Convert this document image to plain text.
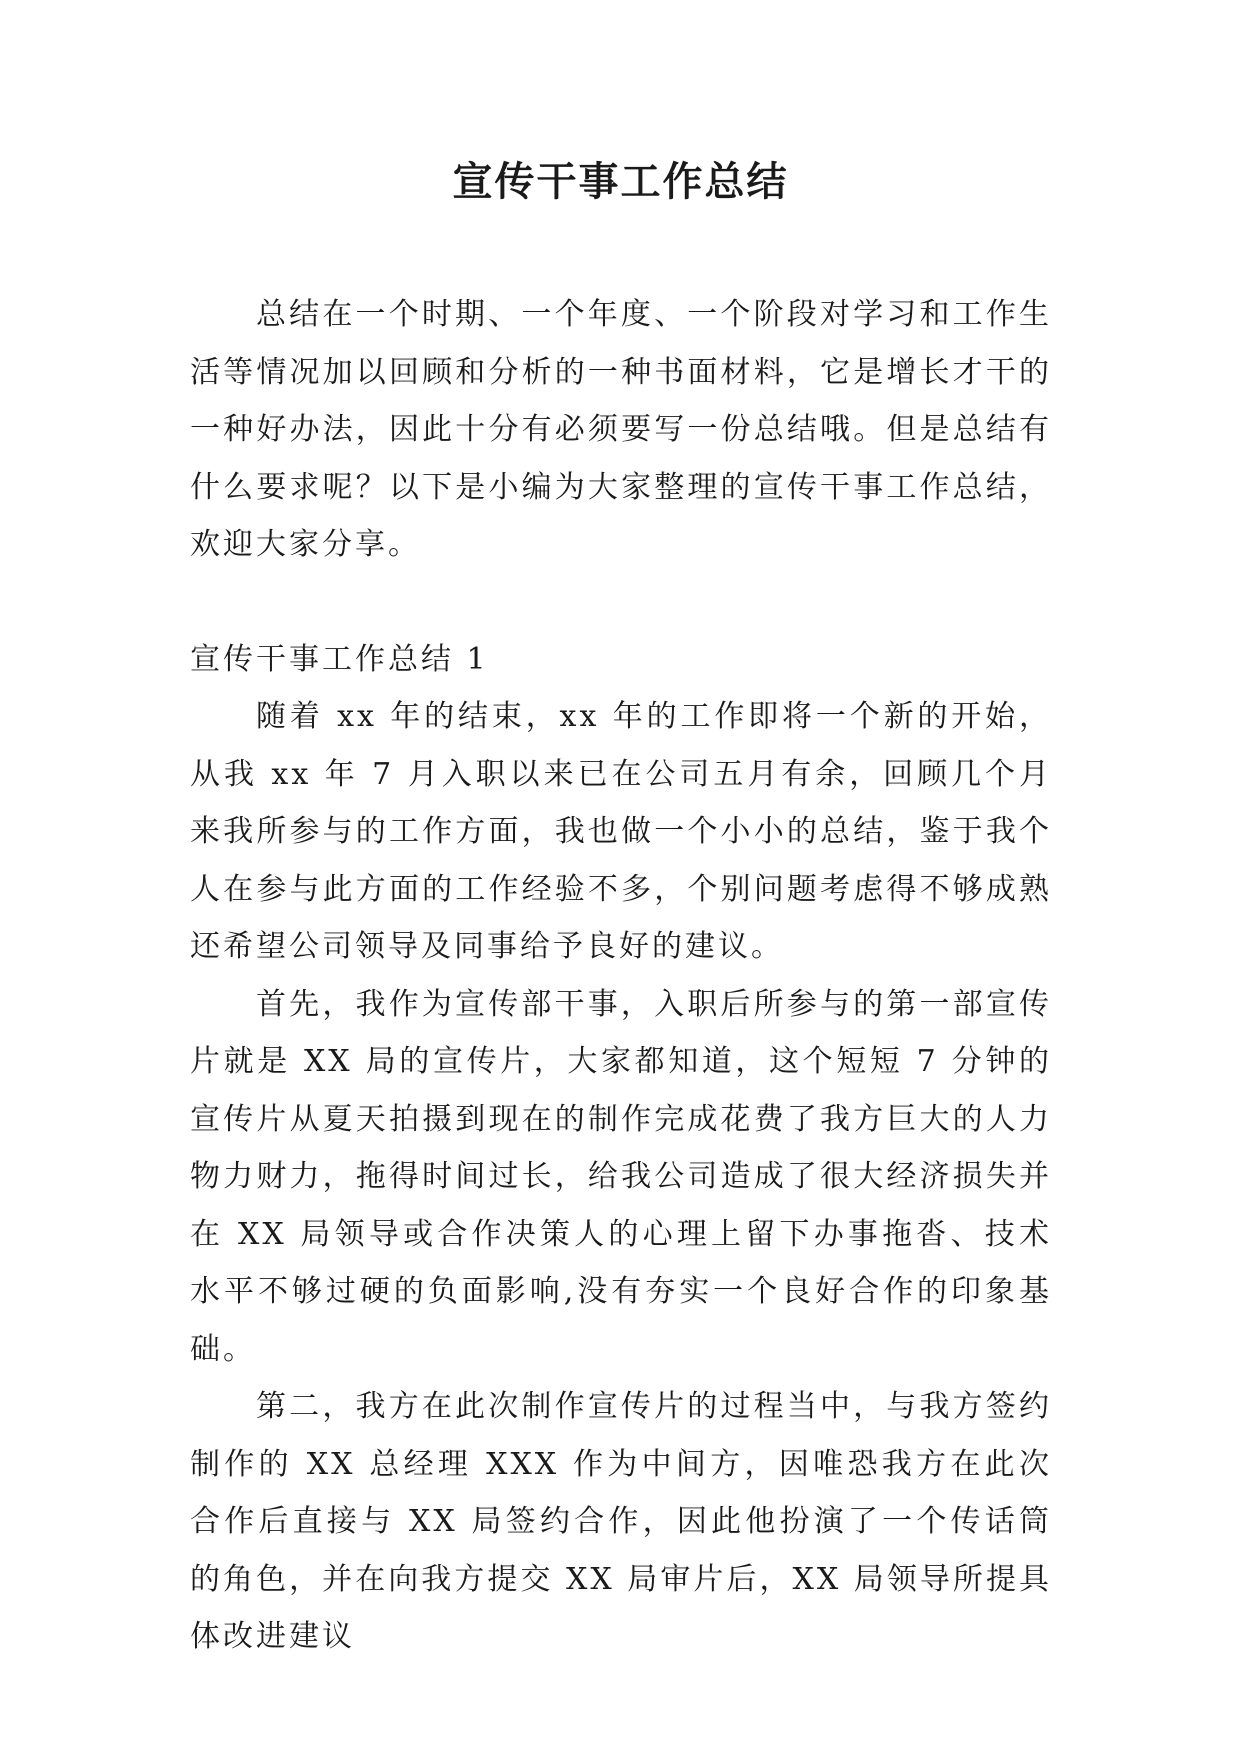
宣传干事工作总结

总结在一个时期、一个年度、一个阶段对学习和工作生活等情况加以回顾和分析的一种书面材料，它是增长才干的一种好办法，因此十分有必须要写一份总结哦。但是总结有什么要求呢？以下是小编为大家整理的宣传干事工作总结，欢迎大家分享。

宣传干事工作总结 1

随着 xx 年的结束，xx 年的工作即将一个新的开始，从我 xx 年 7 月入职以来已在公司五月有余，回顾几个月来我所参与的工作方面，我也做一个小小的总结，鉴于我个人在参与此方面的工作经验不多，个别问题考虑得不够成熟还希望公司领导及同事给予良好的建议。

首先，我作为宣传部干事，入职后所参与的第一部宣传片就是 XX 局的宣传片，大家都知道，这个短短 7 分钟的宣传片从夏天拍摄到现在的制作完成花费了我方巨大的人力物力财力，拖得时间过长，给我公司造成了很大经济损失并在 XX 局领导或合作决策人的心理上留下办事拖沓、技术水平不够过硬的负面影响,没有夯实一个良好合作的印象基础。

第二，我方在此次制作宣传片的过程当中，与我方签约制作的 XX 总经理 XXX 作为中间方，因唯恐我方在此次合作后直接与 XX 局签约合作，因此他扮演了一个传话筒的角色，并在向我方提交 XX 局审片后，XX 局领导所提具体改进建议
